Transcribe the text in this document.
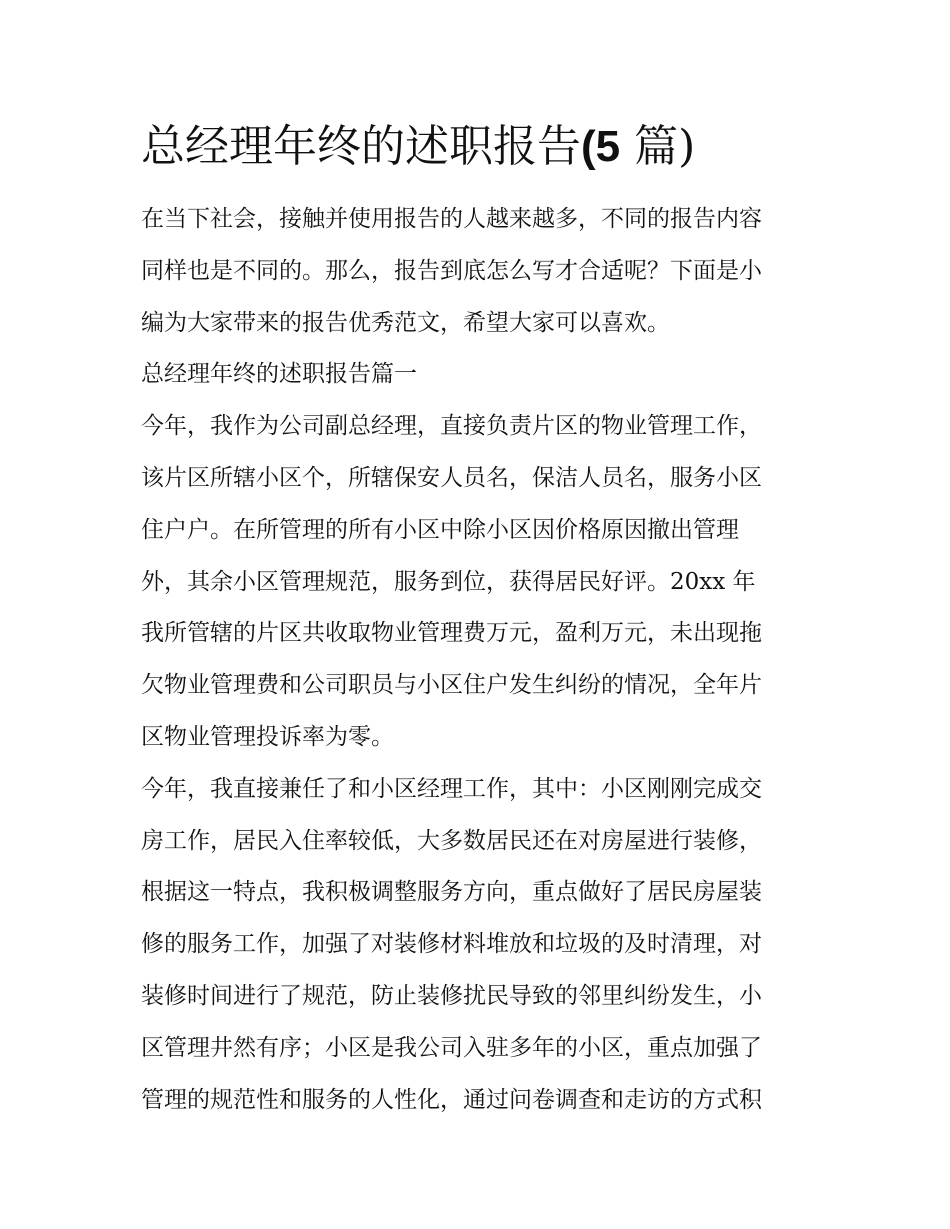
总经理年终的述职报告(5 篇)

在当下社会，接触并使用报告的人越来越多，不同的报告内容

同样也是不同的。那么，报告到底怎么写才合适呢？下面是小

编为大家带来的报告优秀范文，希望大家可以喜欢。

总经理年终的述职报告篇一

今年，我作为公司副总经理，直接负责片区的物业管理工作，

该片区所辖小区个，所辖保安人员名，保洁人员名，服务小区

住户户。在所管理的所有小区中除小区因价格原因撤出管理

外，其余小区管理规范，服务到位，获得居民好评。20xx 年

我所管辖的片区共收取物业管理费万元，盈利万元，未出现拖

欠物业管理费和公司职员与小区住户发生纠纷的情况，全年片

区物业管理投诉率为零。

今年，我直接兼任了和小区经理工作，其中：小区刚刚完成交

房工作，居民入住率较低，大多数居民还在对房屋进行装修，

根据这一特点，我积极调整服务方向，重点做好了居民房屋装

修的服务工作，加强了对装修材料堆放和垃圾的及时清理，对

装修时间进行了规范，防止装修扰民导致的邻里纠纷发生，小

区管理井然有序；小区是我公司入驻多年的小区，重点加强了

管理的规范性和服务的人性化，通过问卷调查和走访的方式积
